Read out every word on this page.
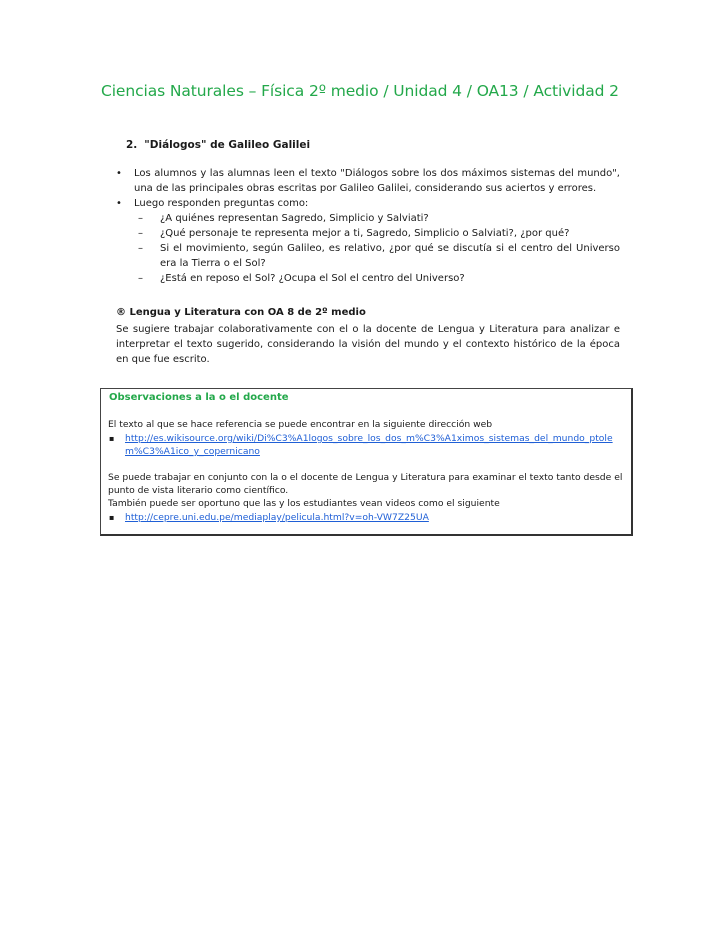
Ciencias Naturales – Física 2º medio / Unidad 4 / OA13 / Actividad 2
2. "Diálogos" de Galileo Galilei
• Los alumnos y las alumnas leen el texto "Diálogos sobre los dos máximos sistemas del mundo", una de las principales obras escritas por Galileo Galilei, considerando sus aciertos y errores.
• Luego responden preguntas como:
– ¿A quiénes representan Sagredo, Simplicio y Salviati?
– ¿Qué personaje te representa mejor a ti, Sagredo, Simplicio o Salviati?, ¿por qué?
– Si el movimiento, según Galileo, es relativo, ¿por qué se discutía si el centro del Universo era la Tierra o el Sol?
– ¿Está en reposo el Sol? ¿Ocupa el Sol el centro del Universo?
® Lengua y Literatura con OA 8 de 2º medio
Se sugiere trabajar colaborativamente con el o la docente de Lengua y Literatura para analizar e interpretar el texto sugerido, considerando la visión del mundo y el contexto histórico de la época en que fue escrito.
Observaciones a la o el docente
El texto al que se hace referencia se puede encontrar en la siguiente dirección web
▪ http://es.wikisource.org/wiki/Di%C3%A1logos_sobre_los_dos_m%C3%A1ximos_sistemas_del_mundo_ptolem%C3%A1ico_y_copernicano
Se puede trabajar en conjunto con la o el docente de Lengua y Literatura para examinar el texto tanto desde el punto de vista literario como científico.
También puede ser oportuno que las y los estudiantes vean videos como el siguiente
▪ http://cepre.uni.edu.pe/mediaplay/pelicula.html?v=oh-VW7Z25UA
